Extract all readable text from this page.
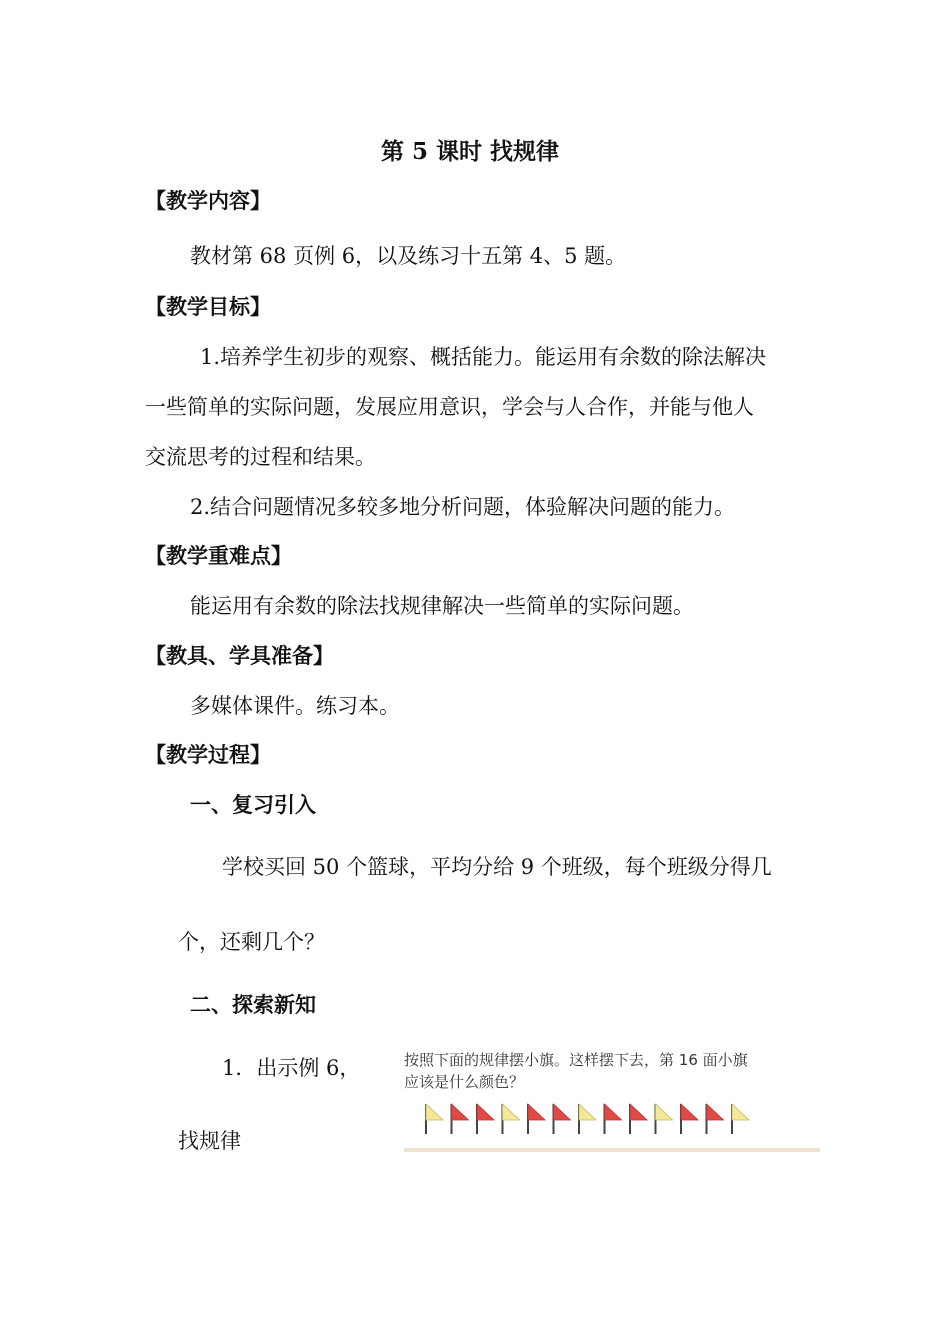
第 5 课时 找规律
【教学内容】
教材第 68 页例 6，以及练习十五第 4、5 题。
【教学目标】
1.培养学生初步的观察、概括能力。能运用有余数的除法解决
一些简单的实际问题，发展应用意识，学会与人合作，并能与他人
交流思考的过程和结果。
2.结合问题情况多较多地分析问题，体验解决问题的能力。
【教学重难点】
能运用有余数的除法找规律解决一些简单的实际问题。
【教具、学具准备】
多媒体课件。练习本。
【教学过程】
一、复习引入
学校买回 50 个篮球，平均分给 9 个班级，每个班级分得几
个，还剩几个？
二、探索新知
1．出示例 6，
找规律
按照下面的规律摆小旗。这样摆下去，第 16 面小旗
应该是什么颜色？
